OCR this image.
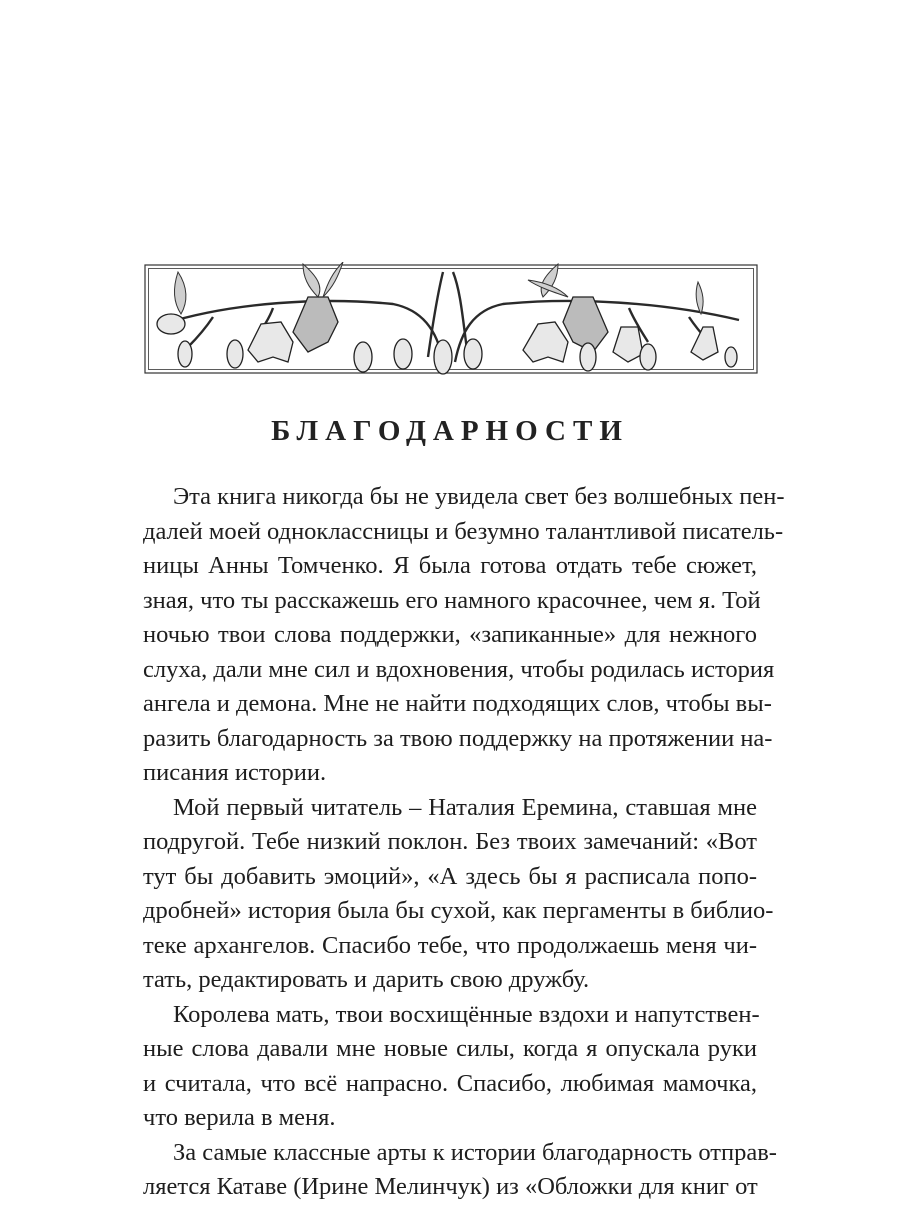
БЛАГОДАРНОСТИ
Эта книга никогда бы не увидела свет без волшебных пен-
далей моей одноклассницы и безумно талантливой писатель-
ницы Анны Томченко. Я была готова отдать тебе сюжет,
зная, что ты расскажешь его намного красочнее, чем я. Той
ночью твои слова поддержки, «запиканные» для нежного
слуха, дали мне сил и вдохновения, чтобы родилась история
ангела и демона. Мне не найти подходящих слов, чтобы вы-
разить благодарность за твою поддержку на протяжении на-
писания истории.
Мой первый читатель – Наталия Еремина, ставшая мне
подругой. Тебе низкий поклон. Без твоих замечаний: «Вот
тут бы добавить эмоций», «А здесь бы я расписала попо-
дробней» история была бы сухой, как пергаменты в библио-
теке архангелов. Спасибо тебе, что продолжаешь меня чи-
тать, редактировать и дарить свою дружбу.
Королева мать, твои восхищённые вздохи и напутствен-
ные слова давали мне новые силы, когда я опускала руки
и считала, что всё напрасно. Спасибо, любимая мамочка,
что верила в меня.
За самые классные арты к истории благодарность отправ-
ляется Катаве (Ирине Мелинчук) из «Обложки для книг от
